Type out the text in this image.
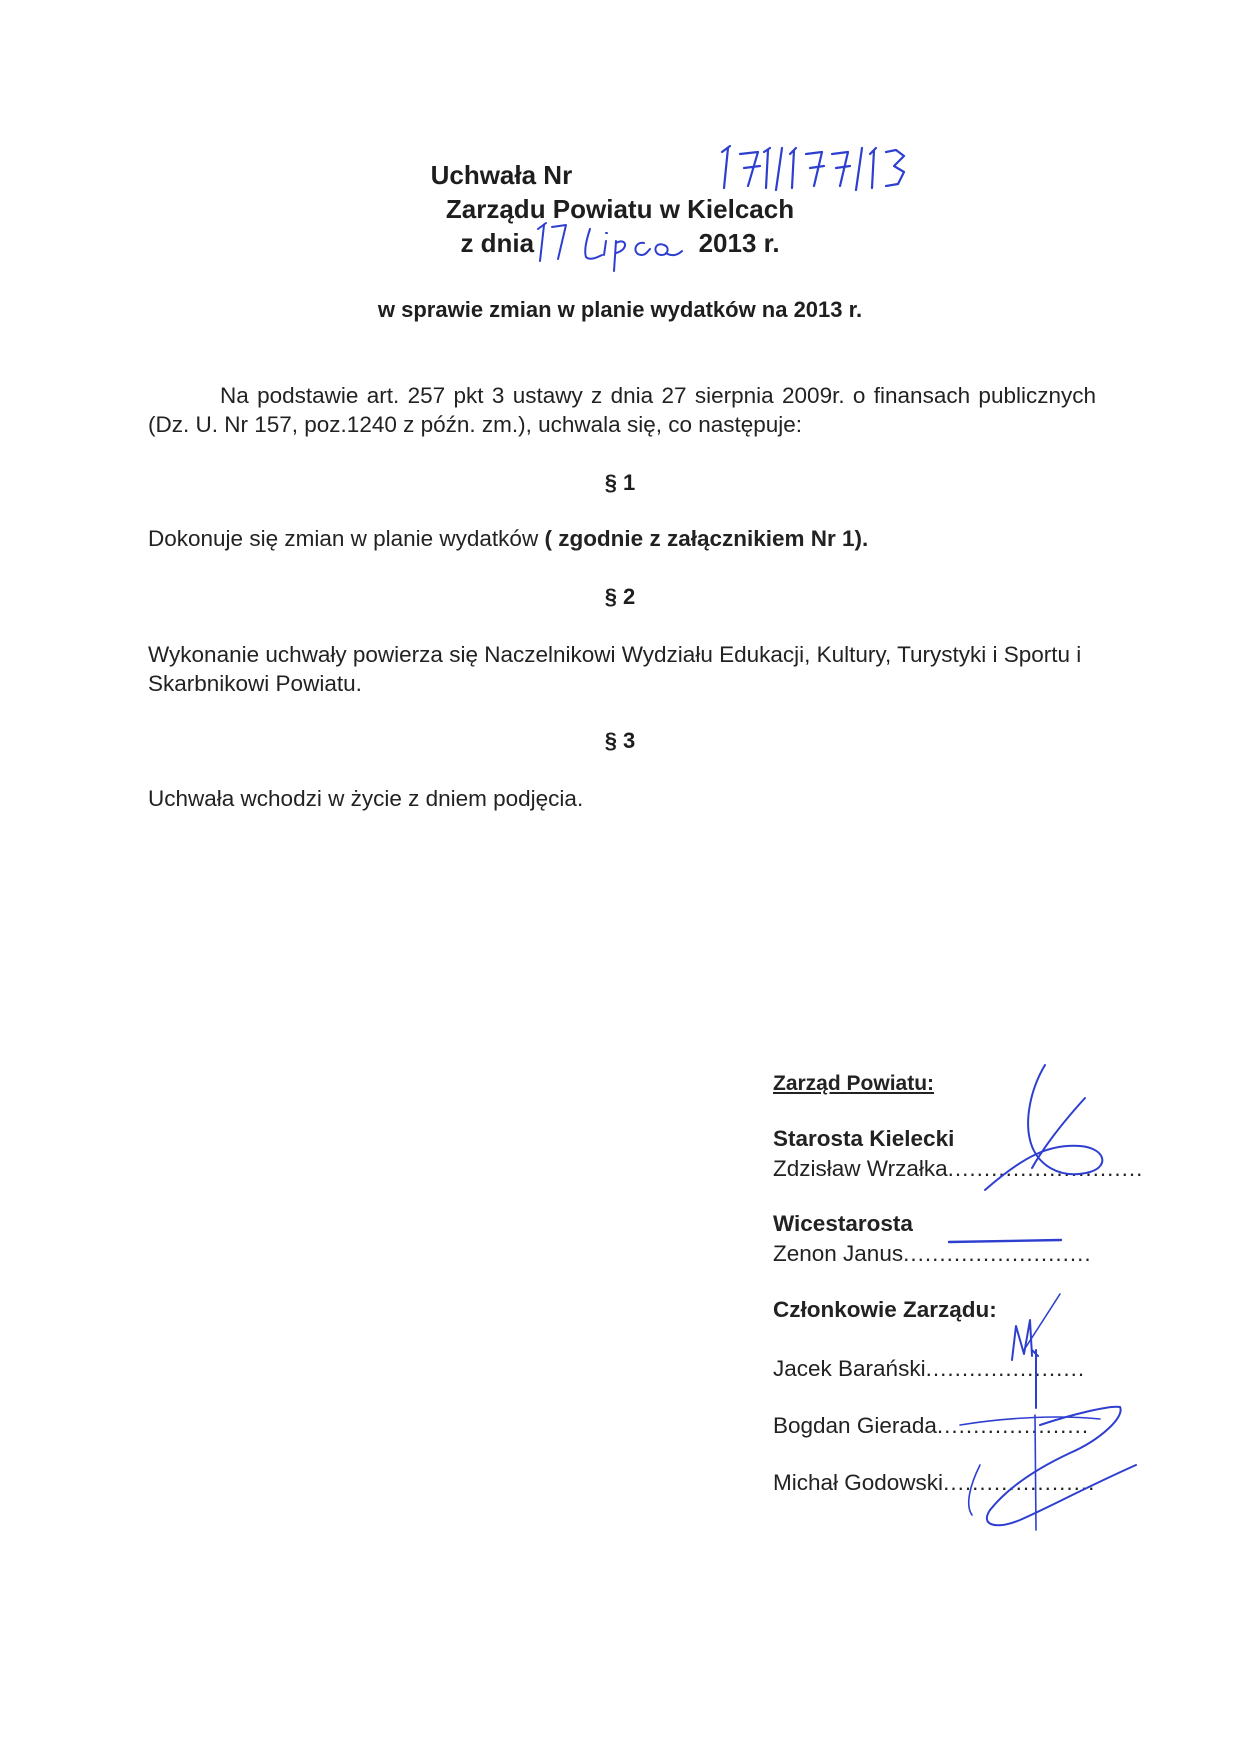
Uchwała Nr

Zarządu Powiatu w Kielcach

z dnia	2013 r.

w sprawie zmian w planie wydatków na 2013 r.

Na podstawie art. 257 pkt 3 ustawy z dnia 27 sierpnia 2009r. o finansach publicznych (Dz. U. Nr 157, poz.1240 z późn. zm.), uchwala się, co następuje:

§ 1

Dokonuje się zmian w planie wydatków ( zgodnie z załącznikiem Nr 1).

§ 2

Wykonanie uchwały powierza się Naczelnikowi Wydziału Edukacji, Kultury, Turystyki i Sportu i Skarbnikowi Powiatu.

§ 3

Uchwała wchodzi w życie z dniem podjęcia.

Zarząd Powiatu:

Starosta Kielecki

Zdzisław Wrzałka...........................

Wicestarosta

Zenon Janus..........................

Członkowie Zarządu:

Jacek Barański......................

Bogdan Gierada.....................

Michał Godowski.....................
